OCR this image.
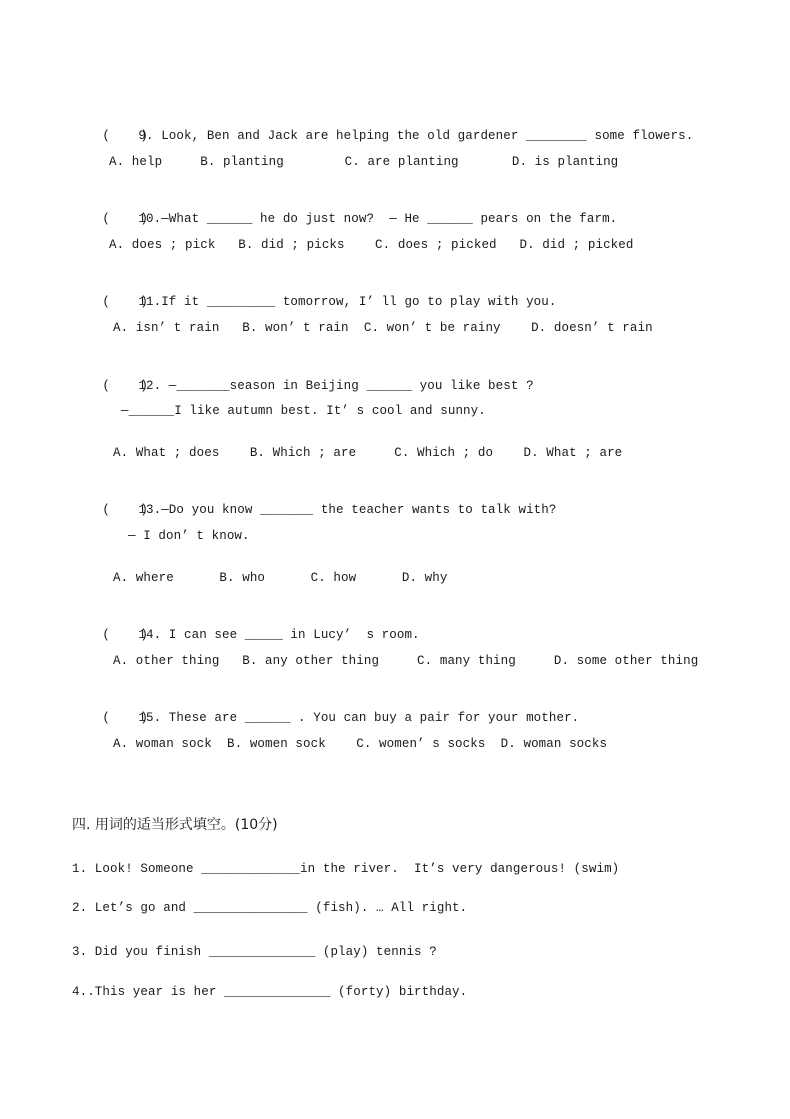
(    )9. Look, Ben and Jack are helping the old gardener ________ some flowers.

A. help     B. planting        C. are planting       D. is planting

(    )10.—What ______ he do just now?  — He ______ pears on the farm.

A. does ; pick   B. did ; picks    C. does ; picked   D. did ; picked

(    )11.If it _________ tomorrow, I’ ll go to play with you.

A. isn’ t rain   B. won’ t rain  C. won’ t be rainy    D. doesn’ t rain

(    )12. —_______season in Beijing ______ you like best ?

—______I like autumn best. It’ s cool and sunny.
A. What ; does    B. Which ; are     C. Which ; do    D. What ; are

(    )13.—Do you know _______ the teacher wants to talk with?

— I don’ t know.
A. where      B. who      C. how      D. why

(    )14. I can see _____ in Lucy’  s room.

A. other thing   B. any other thing     C. many thing     D. some other thing

(    )15. These are ______ . You can buy a pair for your mother.

A. woman sock  B. women sock    C. women’ s socks  D. woman socks
四. 用词的适当形式填空。(10分)
1. Look! Someone _____________in the river.  It’s very dangerous! (swim)
2. Let’s go and _______________ (fish). … All right.
3. Did you finish ______________ (play) tennis ?
4..This year is her ______________ (forty) birthday.
